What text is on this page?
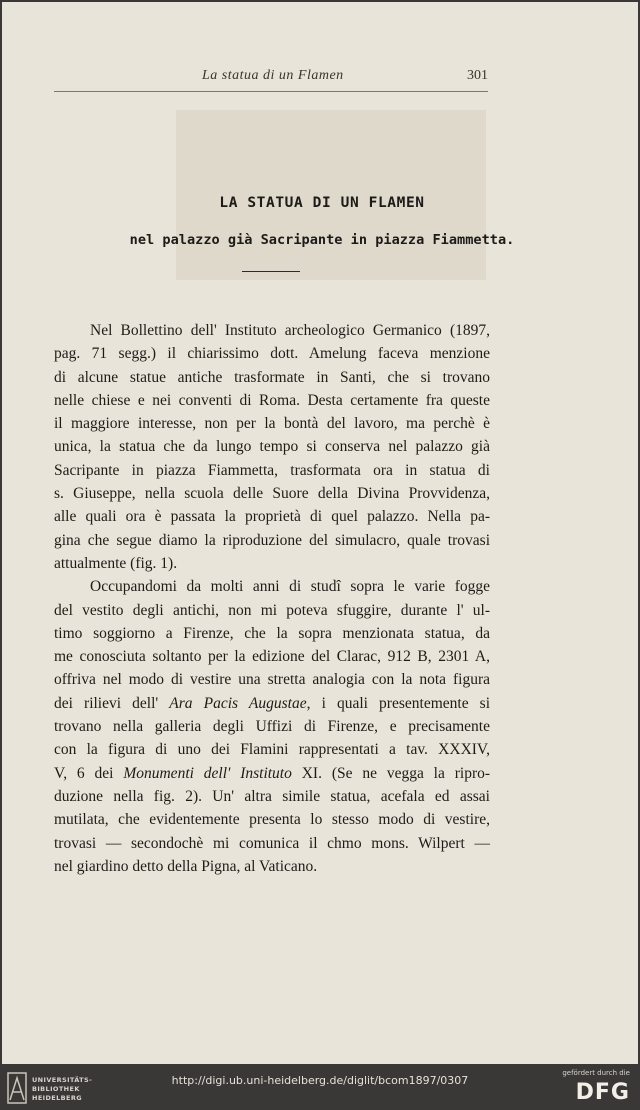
La statua di un Flamen	301
LA STATUA DI UN FLAMEN
nel palazzo già Sacripante in piazza Fiammetta.

Nel Bollettino dell' Instituto archeologico Germanico (1897,
pag. 71 segg.) il chiarissimo dott. Amelung faceva menzione
di alcune statue antiche trasformate in Santi, che si trovano
nelle chiese e nei conventi di Roma. Desta certamente fra queste
il maggiore interesse, non per la bontà del lavoro, ma perchè è
unica, la statua che da lungo tempo si conserva nel palazzo già
Sacripante in piazza Fiammetta, trasformata ora in statua di
s. Giuseppe, nella scuola delle Suore della Divina Provvidenza,
alle quali ora è passata la proprietà di quel palazzo. Nella pa-
gina che segue diamo la riproduzione del simulacro, quale trovasi
attualmente (fig. 1).

Occupandomi da molti anni di studî sopra le varie fogge
del vestito degli antichi, non mi poteva sfuggire, durante l' ul-
timo soggiorno a Firenze, che la sopra menzionata statua, da
me conosciuta soltanto per la edizione del Clarac, 912 B, 2301 A,
offriva nel modo di vestire una stretta analogia con la nota figura
dei rilievi dell' Ara Pacis Augustae, i quali presentemente si
trovano nella galleria degli Uffizi di Firenze, e precisamente
con la figura di uno dei Flamini rappresentati a tav. XXXIV,
V, 6 dei Monumenti dell' Instituto XI. (Se ne vegga la ripro-
duzione nella fig. 2). Un' altra simile statua, acefala ed assai
mutilata, che evidentemente presenta lo stesso modo di vestire,
trovasi — secondochè mi comunica il chmo mons. Wilpert —
nel giardino detto della Pigna, al Vaticano.

UNIVERSITÄTS-
BIBLIOTHEK
HEIDELBERG
http://digi.ub.uni-heidelberg.de/diglit/bcom1897/0307
gefördert durch die
DFG
